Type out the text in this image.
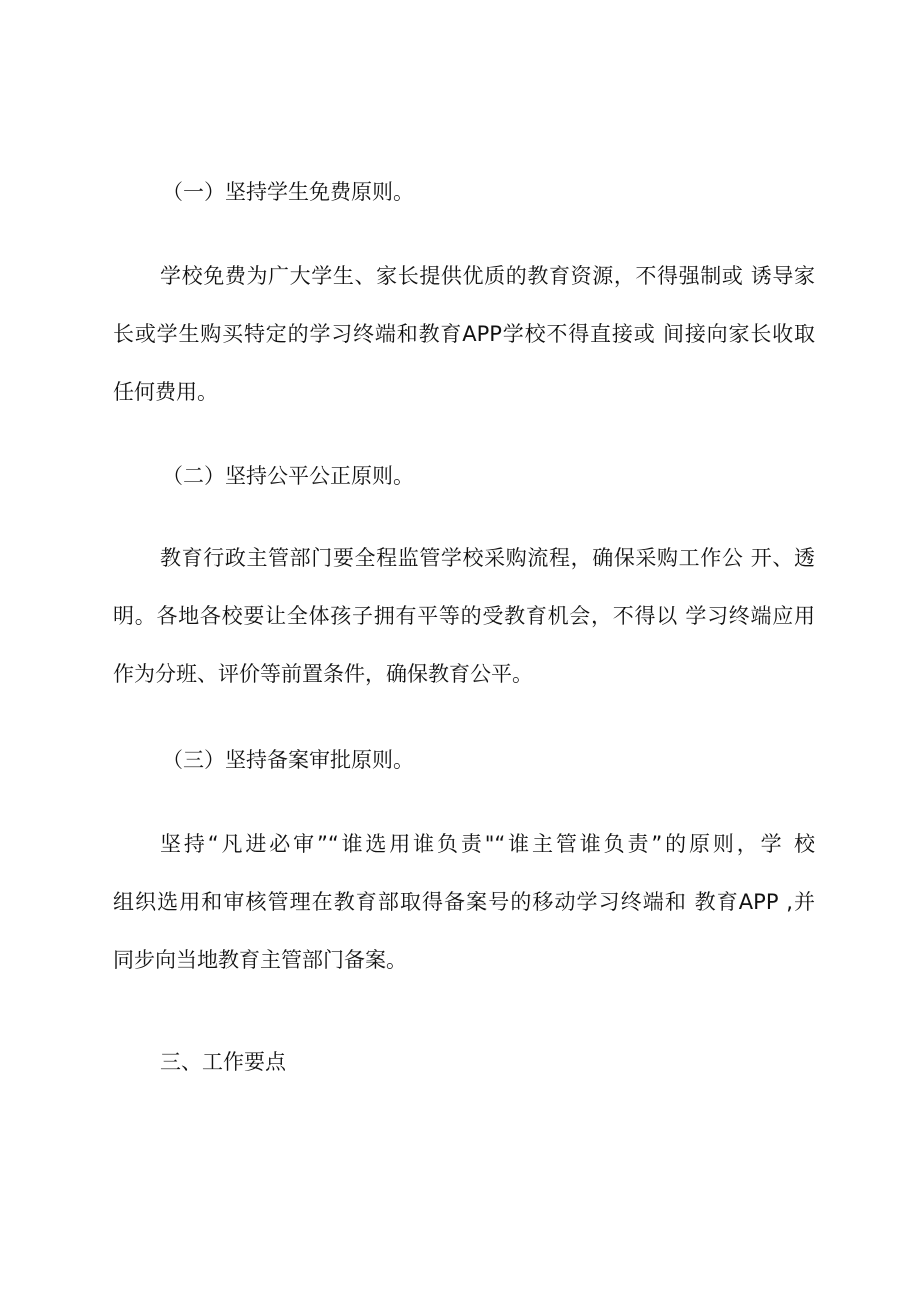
（一）坚持学生免费原则。

学校免费为广大学生、家长提供优质的教育资源，不得强制或 诱导家

长或学生购买特定的学习终端和教育APP学校不得直接或 间接向家长收取

任何费用。

（二）坚持公平公正原则。

教育行政主管部门要全程监管学校采购流程，确保采购工作公 开、透

明。各地各校要让全体孩子拥有平等的受教育机会，不得以 学习终端应用

作为分班、评价等前置条件，确保教育公平。

（三）坚持备案审批原则。

坚持“凡进必审”“谁选用谁负责"“谁主管谁负责”的原则，学 校

组织选用和审核管理在教育部取得备案号的移动学习终端和 教育APP ,并

同步向当地教育主管部门备案。

三、工作要点
